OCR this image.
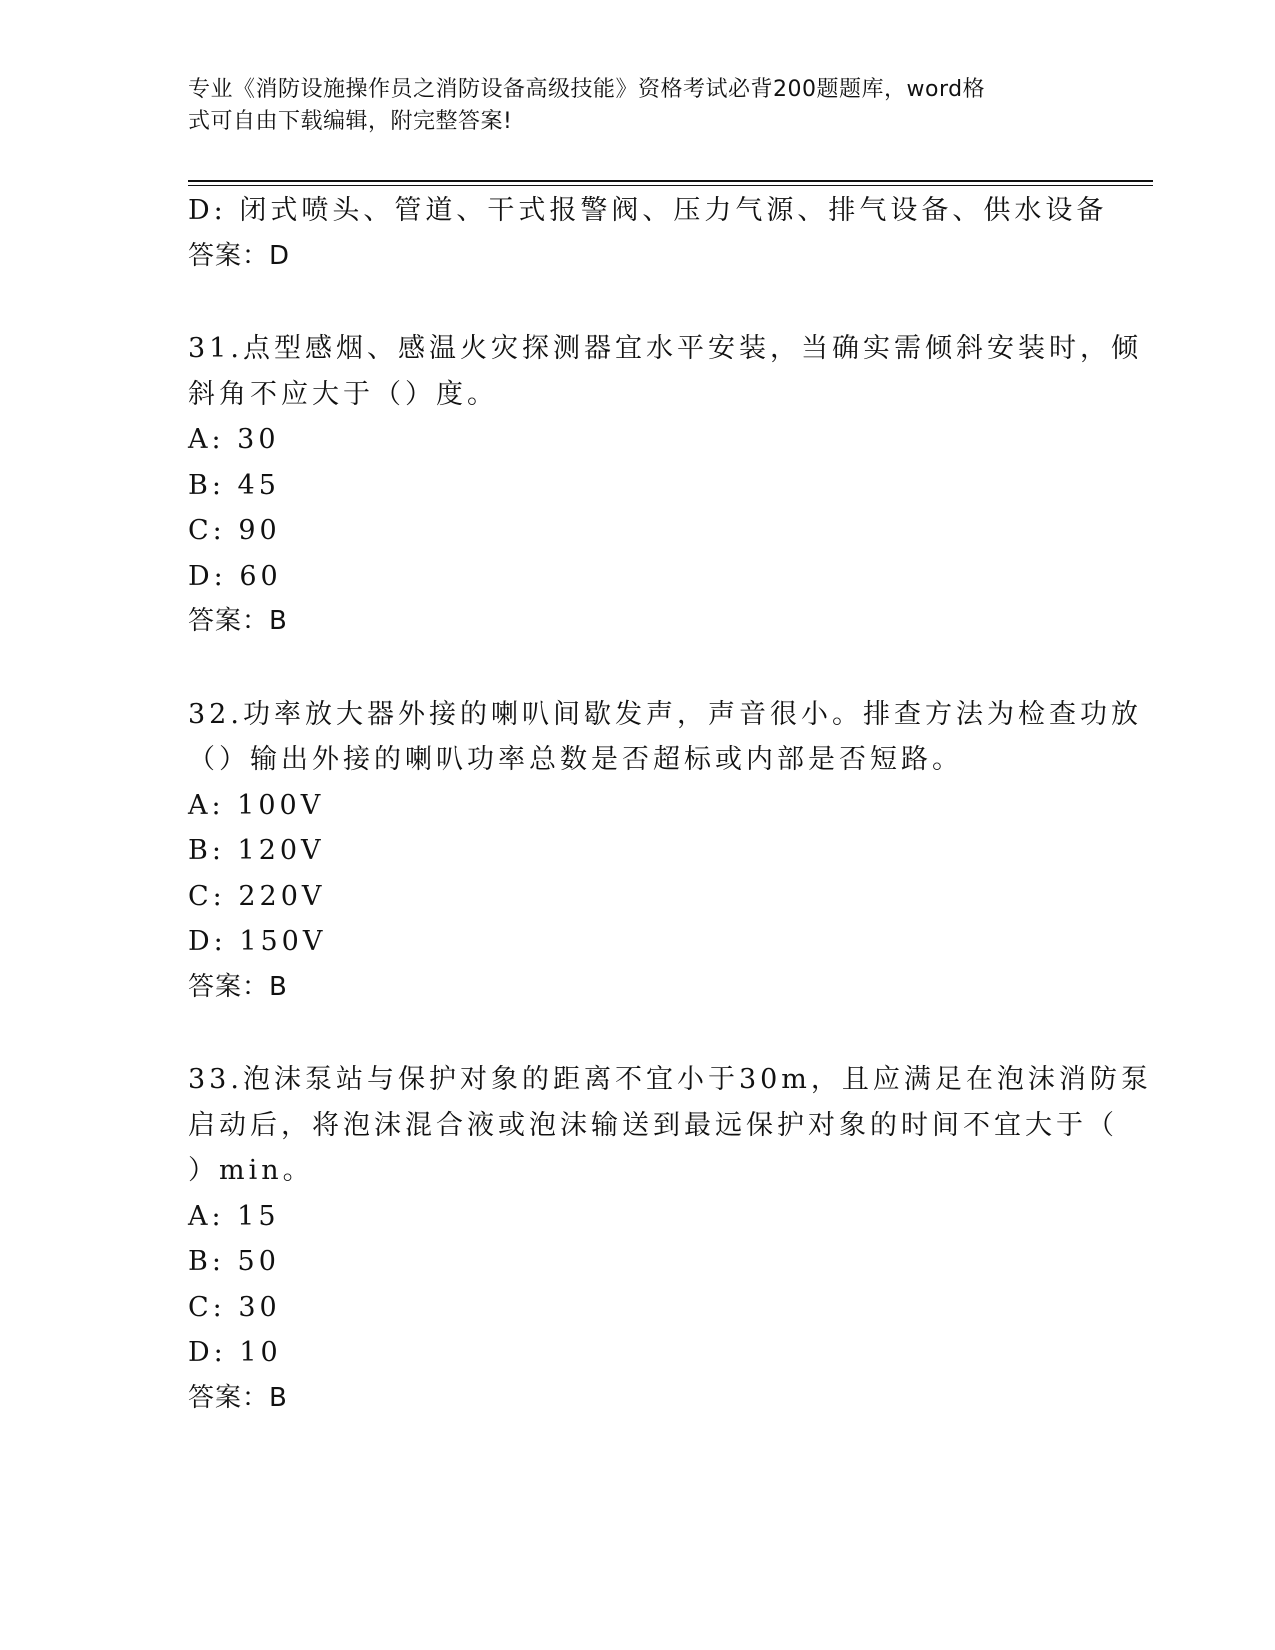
专业《消防设施操作员之消防设备高级技能》资格考试必背200题题库，word格
式可自由下载编辑，附完整答案!
D: 闭式喷头、管道、干式报警阀、压力气源、排气设备、供水设备
答案：D
31.点型感烟、感温火灾探测器宜水平安装，当确实需倾斜安装时，倾
斜角不应大于（）度。
A: 30
B: 45
C: 90
D: 60
答案：B
32.功率放大器外接的喇叭间歇发声，声音很小。排查方法为检查功放
（）输出外接的喇叭功率总数是否超标或内部是否短路。
A: 100V
B: 120V
C: 220V
D: 150V
答案：B
33.泡沫泵站与保护对象的距离不宜小于30m，且应满足在泡沫消防泵
启动后，将泡沫混合液或泡沫输送到最远保护对象的时间不宜大于（
）min。
A: 15
B: 50
C: 30
D: 10
答案：B
